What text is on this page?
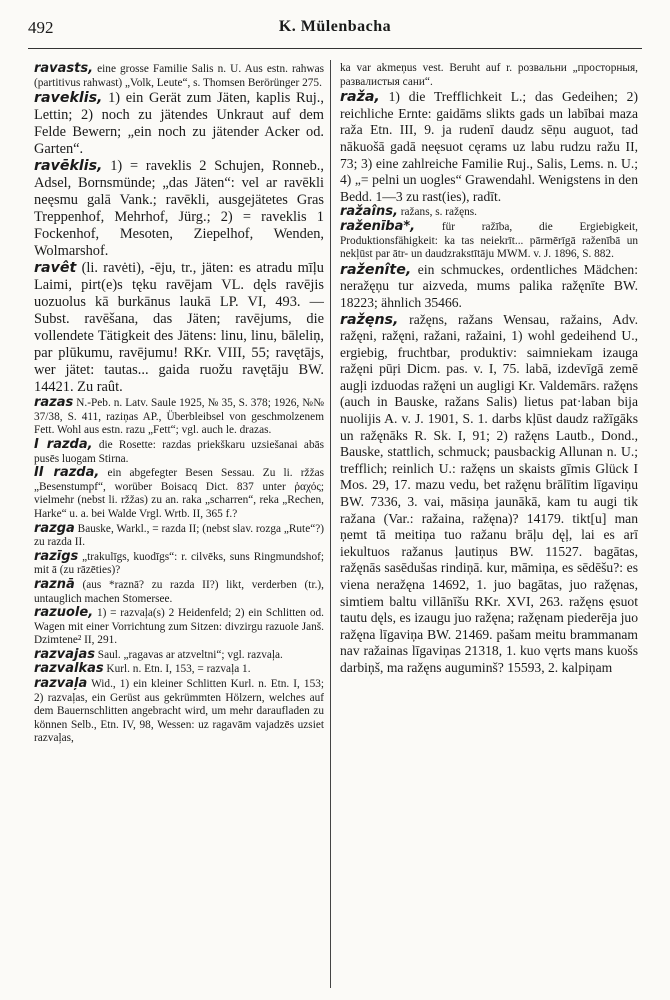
492	K. Mülenbacha

ravasts, eine grosse Familie Salis n. U. Aus estn. rahwas (partitivus rahwast) „Volk, Leute“, s. Thomsen Berörünger 275.

raveklis, 1) ein Gerät zum Jäten, kaplis Ruj., Lettin; 2) noch zu jätendes Unkraut auf dem Felde Bewern; „ein noch zu jätender Acker od. Garten“.

ravēklis, 1) = raveklis 2 Schujen, Ronneb., Adsel, Bornsmünde; „das Jäten“: vel ar ravēkli neęsmu galā Vank.; ravēkli, ausgejätetes Gras Treppenhof, Mehrhof, Jürg.; 2) = raveklis 1 Fockenhof, Mesoten, Ziepelhof, Wenden, Wolmarshof.

ravêt (li. ravėti), -ēju, tr., jäten: es atradu mīļu Laimi, pirt(e)s tęku ravējam VL. dęls ravējis uozuolus kā burkānus laukā LP. VI, 493. — Subst. ravēšana, das Jäten; ravējums, die vollendete Tätigkeit des Jätens: linu, linu, bāleliņ, par plūkumu, ravējumu! RKr. VIII, 55; ravętājs, wer jätet: tautas... gaida ruožu ravętāju BW. 14421. Zu raût.

razas N.-Peb. n. Latv. Saule 1925, № 35, S. 378; 1926, №№ 37/38, S. 411, raziņas AP., Überbleibsel von geschmolzenem Fett. Wohl aus estn. razu „Fett“; vgl. auch le. drazas.

I razda, die Rosette: razdas priekškaru uzsiešanai abās pusēs luogam Stirna.

II razda, ein abgefegter Besen Sessau. Zu li. ržžas „Besenstumpf“, worüber Boisacq Dict. 837 unter ῥαχός; vielmehr (nebst li. ržžas) zu an. raka „scharren“, reka „Rechen, Harke“ u. a. bei Walde Vrgl. Wrtb. II, 365 f.?

razga Bauske, Warkl., = razda II; (nebst slav. rozga „Rute“?) zu razda II.

razīgs „trakulīgs, kuodīgs“: r. cilvēks, suns Ringmundshof; mit ā (zu rāzēties)?

raznā (aus *raznā? zu razda II?) likt, verderben (tr.), untauglich machen Stomersee.

razuole, 1) = razvaļa(s) 2 Heidenfeld; 2) ein Schlitten od. Wagen mit einer Vorrichtung zum Sitzen: divzirgu razuole Janš. Dzimtene² II, 291.

razvajas Saul. „ragavas ar atzveltni“; vgl. razvaļa.

razvalkas Kurl. n. Etn. I, 153, = razvaļa 1.

razvaļa Wid., 1) ein kleiner Schlitten Kurl. n. Etn. I, 153; 2) razvaļas, ein Gerüst aus gekrümmten Hölzern, welches auf dem Bauernschlitten angebracht wird, um mehr daraufladen zu können Selb., Etn. IV, 98, Wessen: uz ragavām vajadzēs uzsiet razvaļas,

ka var akmeņus vest. Beruht auf r. розвальни „просторныя, развалистыя сани“.

raža, 1) die Trefflichkeit L.; das Gedeihen; 2) reichliche Ernte: gaidāms slikts gads un labībai maza raža Etn. III, 9. ja rudenī daudz sēņu auguot, tad nākuošā gadā neęsuot cęrams uz labu rudzu ražu II, 73; 3) eine zahlreiche Familie Ruj., Salis, Lems. n. U.; 4) „= pelni un uogles“ Grawendahl. Wenigstens in den Bedd. 1—3 zu rast(ies), radīt.

ražaîns, ražans, s. ražęns.

raženība*, für ražība, die Ergiebigkeit, Produktionsfähigkeit: ka tas neiekrīt... pārmērīgā raženībā un nekļūst par ātr- un daudzrakstītāju MWM. v. J. 1896, S. 882.

raženîte, ein schmuckes, ordentliches Mädchen: neražęņu tur aizveda, mums palika ražęnīte BW. 18223; ähnlich 35466.

ražęns, ražęns, ražans Wensau, ražains, Adv. ražęni, ražęni, ražani, ražaini, 1) wohl gedeihend U., ergiebig, fruchtbar, produktiv: saimniekam izauga ražęni pūŗi Dicm. pas. v. I, 75. labā, izdevīgā zemē augļi izduodas ražęni un augligi Kr. Valdemārs. ražęns (auch in Bauske, ražans Salis) lietus pat·laban bija nuolijis A. v. J. 1901, S. 1. darbs kļūst daudz ražīgāks un ražęnāks R. Sk. I, 91; 2) ražęns Lautb., Dond., Bauske, stattlich, schmuck; pausbackig Allunan n. U.; trefflich; reinlich U.: ražęns un skaists gīmis Glück I Mos. 29, 17. mazu vedu, bet ražęnu brālītim līgaviņu BW. 7336, 3. vai, māsiņa jaunākā, kam tu augi tik ražana (Var.: ražaina, ražęna)? 14179. tikt[u] man ņemt tā meitiņa tuo ražanu brāļu dęļ, lai es arī iekultuos ražanus ļautiņus BW. 11527. bagātas, ražęnās sasēdušas rindiņā. kur, māmiņa, es sēdēšu?: es viena neražęna 14692, 1. juo bagātas, juo ražęnas, simtiem baltu villānīšu RKr. XVI, 263. ražęns ęsuot tautu dęls, es izaugu juo ražęna; ražęnam piederēja juo ražęna līgaviņa BW. 21469. pašam meitu brammanam nav ražainas līgaviņas 21318, 1. kuo vęrts mans kuošs darbiņš, ma ražęns auguminš? 15593, 2. kalpiņam
